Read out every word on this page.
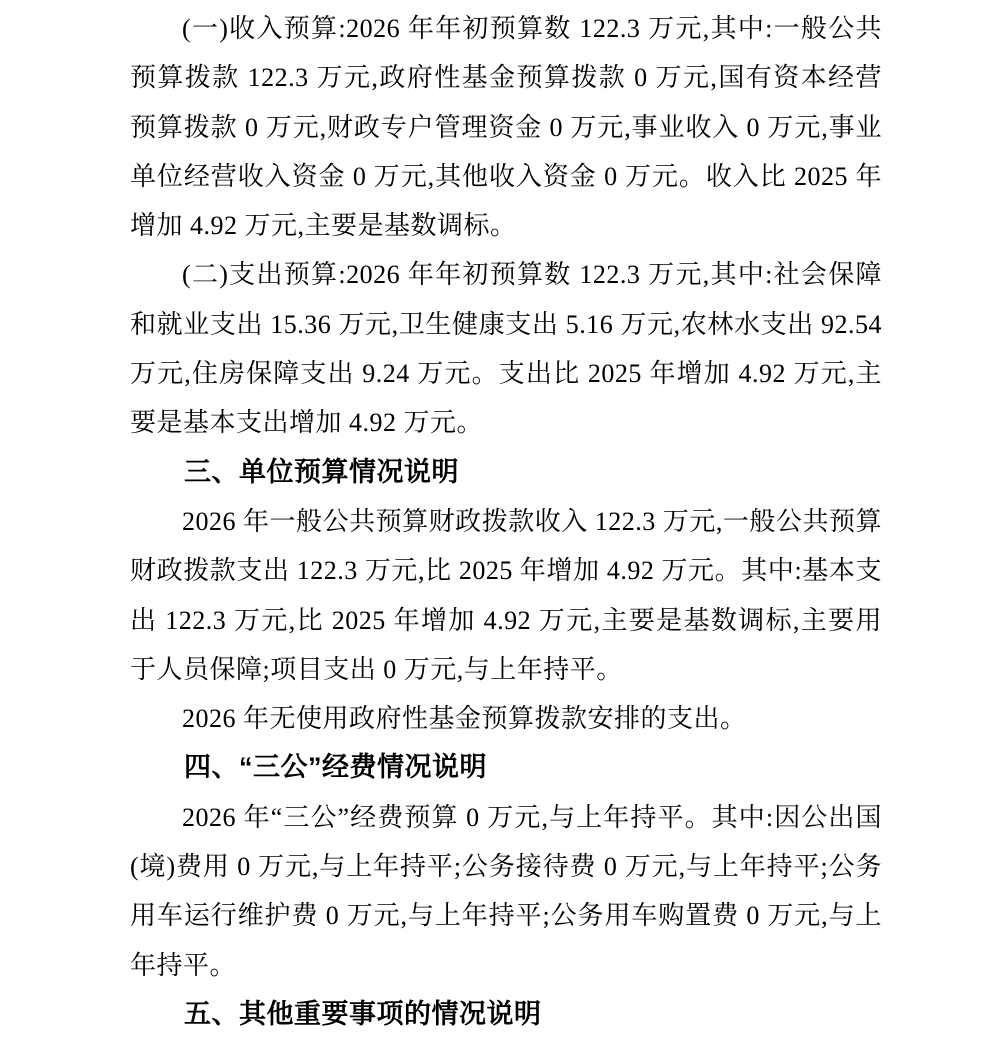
(一)收入预算:2026 年年初预算数 122.3 万元,其中:一般公共预算拨款 122.3 万元,政府性基金预算拨款 0 万元,国有资本经营预算拨款 0 万元,财政专户管理资金 0 万元,事业收入 0 万元,事业单位经营收入资金 0 万元,其他收入资金 0 万元。收入比 2025 年增加 4.92 万元,主要是基数调标。

(二)支出预算:2026 年年初预算数 122.3 万元,其中:社会保障和就业支出 15.36 万元,卫生健康支出 5.16 万元,农林水支出 92.54 万元,住房保障支出 9.24 万元。支出比 2025 年增加 4.92 万元,主要是基本支出增加 4.92 万元。

三、单位预算情况说明

2026 年一般公共预算财政拨款收入 122.3 万元,一般公共预算财政拨款支出 122.3 万元,比 2025 年增加 4.92 万元。其中:基本支出 122.3 万元,比 2025 年增加 4.92 万元,主要是基数调标,主要用于人员保障;项目支出 0 万元,与上年持平。

2026 年无使用政府性基金预算拨款安排的支出。

四、“三公”经费情况说明

2026 年“三公”经费预算 0 万元,与上年持平。其中:因公出国(境)费用 0 万元,与上年持平;公务接待费 0 万元,与上年持平;公务用车运行维护费 0 万元,与上年持平;公务用车购置费 0 万元,与上年持平。

五、其他重要事项的情况说明
